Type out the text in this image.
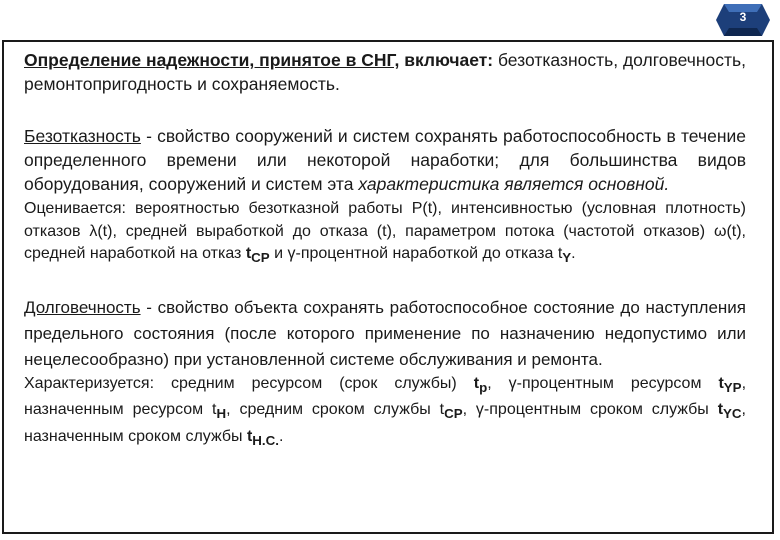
3

Определение надежности, принятое в СНГ, включает: безотказность, долговечность, ремонтопригодность и сохраняемость.

Безотказность - свойство сооружений и систем сохранять работоспособность в течение определенного времени или некоторой наработки; для большинства видов оборудования, сооружений и систем эта характеристика является основной.

Оценивается: вероятностью безотказной работы P(t), интенсивностью (условная плотность) отказов λ(t), средней выработкой до отказа (t), параметром потока (частотой отказов) ω(t), средней наработкой на отказ $t_{CP}$ и γ-процентной наработкой до отказа $t_Y$.

Долговечность - свойство объекта сохранять работоспособное состояние до наступления предельного состояния (после которого применение по назначению недопустимо или нецелесообразно) при установленной системе обслуживания и ремонта.

Характеризуется: средним ресурсом (срок службы) $t_p$, γ-процентным ресурсом $t_{YP}$, назначенным ресурсом $t_H$, средним сроком службы $t_{CP}$, γ-процентным сроком службы $t_{YC}$, назначенным сроком службы $t_{H.C.}$.
